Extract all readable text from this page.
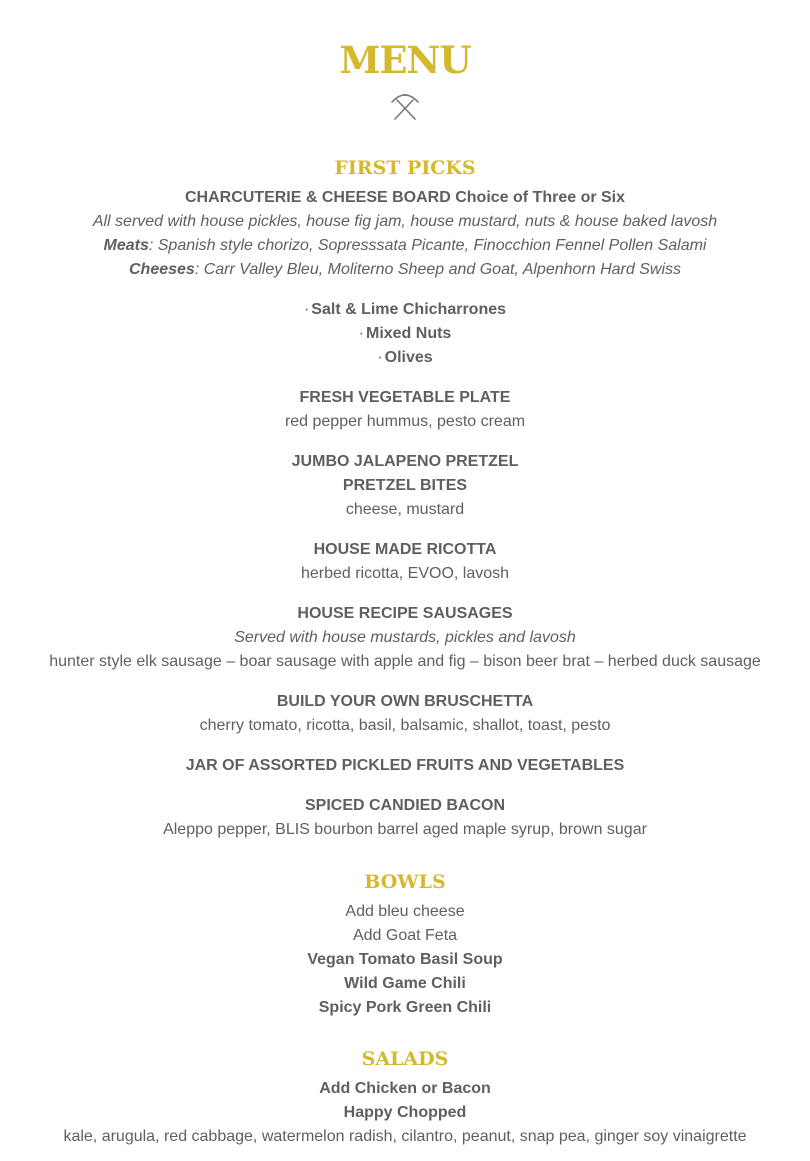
MENU
FIRST PICKS
CHARCUTERIE & CHEESE BOARD Choice of Three or Six
All served with house pickles, house fig jam, house mustard, nuts & house baked lavosh
Meats: Spanish style chorizo, Sopresssata Picante, Finocchion Fennel Pollen Salami
Cheeses: Carr Valley Bleu, Moliterno Sheep and Goat, Alpenhorn Hard Swiss
· Salt & Lime Chicharrones
· Mixed Nuts
· Olives
FRESH VEGETABLE PLATE
red pepper hummus, pesto cream
JUMBO JALAPENO PRETZEL
PRETZEL BITES
cheese, mustard
HOUSE MADE RICOTTA
herbed ricotta, EVOO, lavosh
HOUSE RECIPE SAUSAGES
Served with house mustards, pickles and lavosh
hunter style elk sausage – boar sausage with apple and fig – bison beer brat – herbed duck sausage
BUILD YOUR OWN BRUSCHETTA
cherry tomato, ricotta, basil, balsamic, shallot, toast, pesto
JAR OF ASSORTED PICKLED FRUITS AND VEGETABLES
SPICED CANDIED BACON
Aleppo pepper, BLIS bourbon barrel aged maple syrup, brown sugar
BOWLS
Add bleu cheese
Add Goat Feta
Vegan Tomato Basil Soup
Wild Game Chili
Spicy Pork Green Chili
SALADS
Add Chicken or Bacon
Happy Chopped
kale, arugula, red cabbage, watermelon radish, cilantro, peanut, snap pea, ginger soy vinaigrette
